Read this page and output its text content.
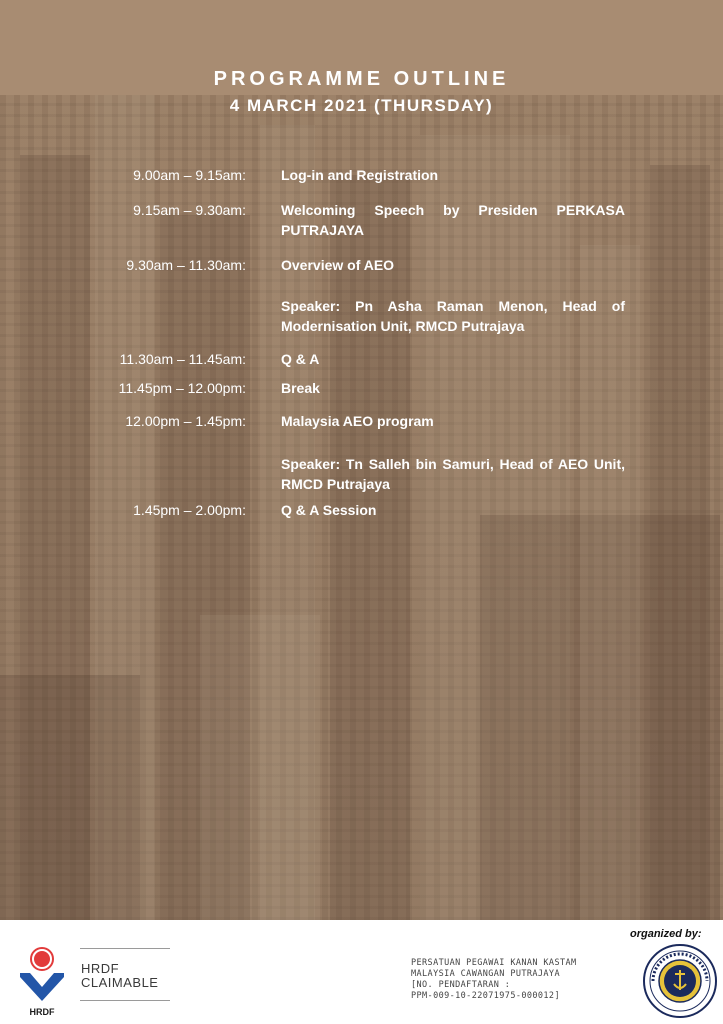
PROGRAMME OUTLINE
4 MARCH 2021 (THURSDAY)
9.00am – 9.15am:	Log-in and Registration
9.15am – 9.30am:	Welcoming Speech by Presiden PERKASA PUTRAJAYA
9.30am – 11.30am:	Overview of AEO
Speaker: Pn Asha Raman Menon, Head of Modernisation Unit, RMCD Putrajaya
11.30am – 11.45am:	Q & A
11.45pm – 12.00pm:	Break
12.00pm – 1.45pm:	Malaysia AEO program
Speaker: Tn Salleh bin Samuri, Head of AEO Unit, RMCD Putrajaya
1.45pm – 2.00pm:	Q & A Session
HRDF
HRDF
CLAIMABLE
organized by:
PERSATUAN PEGAWAI KANAN KASTAM
MALAYSIA CAWANGAN PUTRAJAYA
[NO. PENDAFTARAN :
PPM-009-10-22071975-000012]
